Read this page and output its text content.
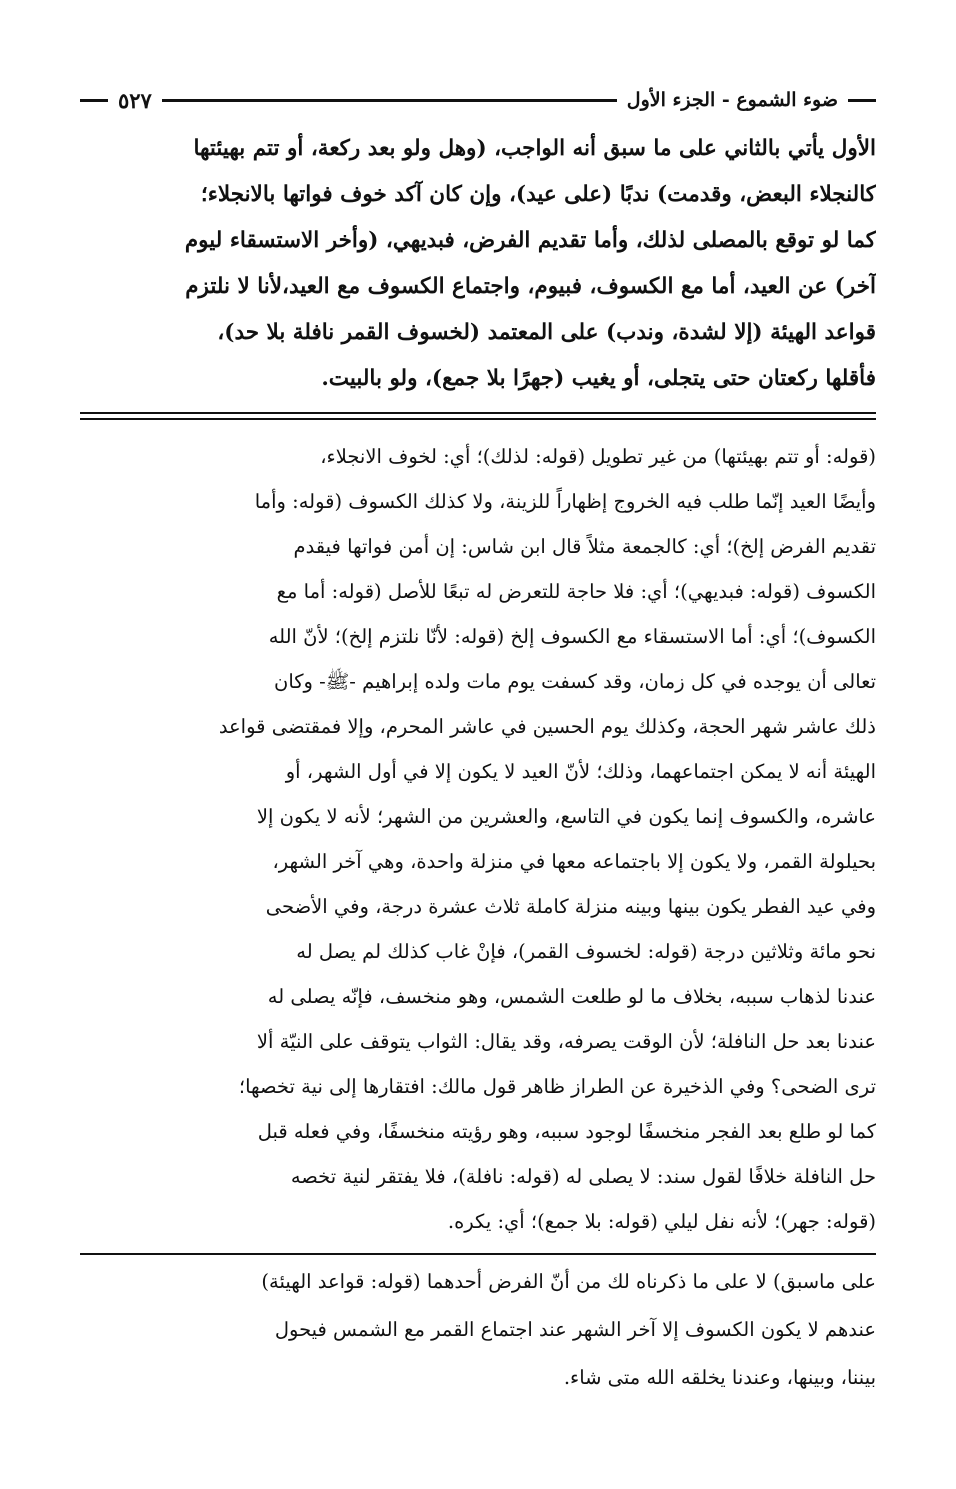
ضوء الشموع - الجزء الأول
٥٢٧
الأول يأتي بالثاني على ما سبق أنه الواجب، (وهل ولو بعد ركعة، أو تتم بهيئتها
كالنجلاء البعض، وقدمت) ندبًا (على عيد)، وإن كان آكد خوف فواتها بالانجلاء؛
كما لو توقع بالمصلى لذلك، وأما تقديم الفرض، فبديهي، (وأخر الاستسقاء ليوم
آخر) عن العيد، أما مع الكسوف، فبيوم، واجتماع الكسوف مع العيد،لأنا لا نلتزم
قواعد الهيئة (إلا لشدة، وندب) على المعتمد (لخسوف القمر نافلة بلا حد)،
فأقلها ركعتان حتى يتجلى، أو يغيب (جهرًا بلا جمع)، ولو بالبيت.
(قوله: أو تتم بهيئتها) من غير تطويل (قوله: لذلك)؛ أي: لخوف الانجلاء،
وأيضًا العيد إنّما طلب فيه الخروج إظهاراً للزينة، ولا كذلك الكسوف (قوله: وأما
تقديم الفرض إلخ)؛ أي: كالجمعة مثلاً قال ابن شاس: إن أمن فواتها فيقدم
الكسوف (قوله: فبديهي)؛ أي: فلا حاجة للتعرض له تبعًا للأصل (قوله: أما مع
الكسوف)؛ أي: أما الاستسقاء مع الكسوف إلخ (قوله: لأنّا نلتزم إلخ)؛ لأنّ الله
تعالى أن يوجده في كل زمان، وقد كسفت يوم مات ولده إبراهيم -ﷺ- وكان
ذلك عاشر شهر الحجة، وكذلك يوم الحسين في عاشر المحرم، وإلا فمقتضى قواعد
الهيئة أنه لا يمكن اجتماعهما، وذلك؛ لأنّ العيد لا يكون إلا في أول الشهر، أو
عاشره، والكسوف إنما يكون في التاسع، والعشرين من الشهر؛ لأنه لا يكون إلا
بحيلولة القمر، ولا يكون إلا باجتماعه معها في منزلة واحدة، وهي آخر الشهر،
وفي عيد الفطر يكون بينها وبينه منزلة كاملة ثلاث عشرة درجة، وفي الأضحى
نحو مائة وثلاثين درجة (قوله: لخسوف القمر)، فإنْ غاب كذلك لم يصل له
عندنا لذهاب سببه، بخلاف ما لو طلعت الشمس، وهو منخسف، فإنّه يصلى له
عندنا بعد حل النافلة؛ لأن الوقت يصرفه، وقد يقال: الثواب يتوقف على النيّة ألا
ترى الضحى؟ وفي الذخيرة عن الطراز ظاهر قول مالك: افتقارها إلى نية تخصها؛
كما لو طلع بعد الفجر منخسفًا لوجود سببه، وهو رؤيته منخسفًا، وفي فعله قبل
حل النافلة خلافًا لقول سند: لا يصلى له (قوله: نافلة)، فلا يفتقر لنية تخصه
(قوله: جهر)؛ لأنه نفل ليلي (قوله: بلا جمع)؛ أي: يكره.
على ماسبق) لا على ما ذكرناه لك من أنّ الفرض أحدهما (قوله: قواعد الهيئة)
عندهم لا يكون الكسوف إلا آخر الشهر عند اجتماع القمر مع الشمس فيحول
بيننا، وبينها، وعندنا يخلقه الله متى شاء.
